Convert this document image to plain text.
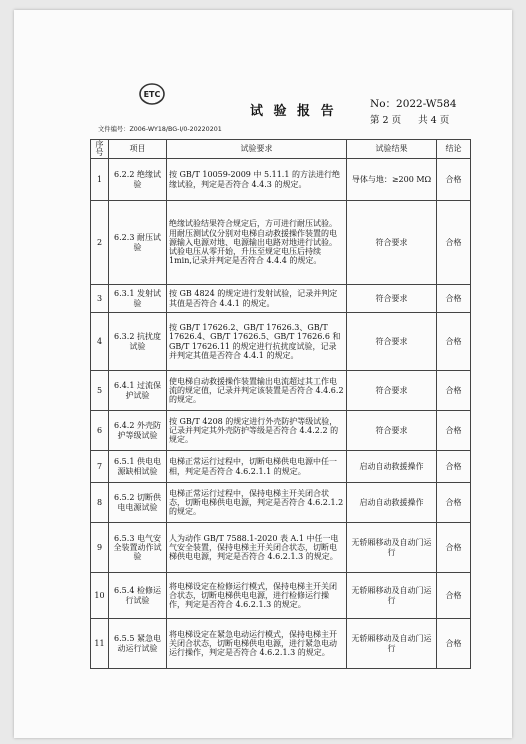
ETC
试 验 报 告	No：2022-W584
第 2 页 共 4 页
文件编号：Z006-WY18/BG-I/0-20220201
序号	项目	试验要求	试验结果	结论
1	6.2.2 绝缘试验	按 GB/T 10059-2009 中 5.11.1 的方法进行绝缘试验，判定是否符合 4.4.3 的规定。	导体与地：≥200 MΩ	合格
2	6.2.3 耐压试验	绝缘试验结果符合规定后，方可进行耐压试验。用耐压测试仪分别对电梯自动救援操作装置的电源输入电源对地、电源输出电路对地进行试验。试验电压从零开始，升压至规定电压后持续 1min,记录并判定是否符合 4.4.4 的规定。	符合要求	合格
3	6.3.1 发射试验	按 GB 4824 的规定进行发射试验，记录并判定其值是否符合 4.4.1 的规定。	符合要求	合格
4	6.3.2 抗扰度试验	按 GB/T 17626.2、GB/T 17626.3、GB/T 17626.4、GB/T 17626.5、GB/T 17626.6 和 GB/T 17626.11 的规定进行抗扰度试验，记录并判定其值是否符合 4.4.1 的规定。	符合要求	合格
5	6.4.1 过流保护试验	使电梯自动救援操作装置输出电流超过其工作电流的规定值，记录并判定该装置是否符合 4.4.6.2 的规定。	符合要求	合格
6	6.4.2 外壳防护等级试验	按 GB/T 4208 的规定进行外壳防护等级试验，记录并判定其外壳防护等级是否符合 4.4.2.2 的规定。	符合要求	合格
7	6.5.1 供电电源缺相试验	电梯正常运行过程中，切断电梯供电电源中任一相，判定是否符合 4.6.2.1.1 的规定。	启动自动救援操作	合格
8	6.5.2 切断供电电源试验	电梯正常运行过程中，保持电梯主开关闭合状态，切断电梯供电电源，判定是否符合 4.6.2.1.2 的规定。	启动自动救援操作	合格
9	6.5.3 电气安全装置动作试验	人为动作 GB/T 7588.1-2020 表 A.1 中任一电气安全装置，保持电梯主开关闭合状态，切断电梯供电电源，判定是否符合 4.6.2.1.3 的规定。	无轿厢移动及自动门运行	合格
10	6.5.4 检修运行试验	将电梯设定在检修运行模式，保持电梯主开关闭合状态，切断电梯供电电源，进行检修运行操作，判定是否符合 4.6.2.1.3 的规定。	无轿厢移动及自动门运行	合格
11	6.5.5 紧急电动运行试验	将电梯设定在紧急电动运行模式，保持电梯主开关闭合状态，切断电梯供电电源，进行紧急电动运行操作，判定是否符合 4.6.2.1.3 的规定。	无轿厢移动及自动门运行	合格
